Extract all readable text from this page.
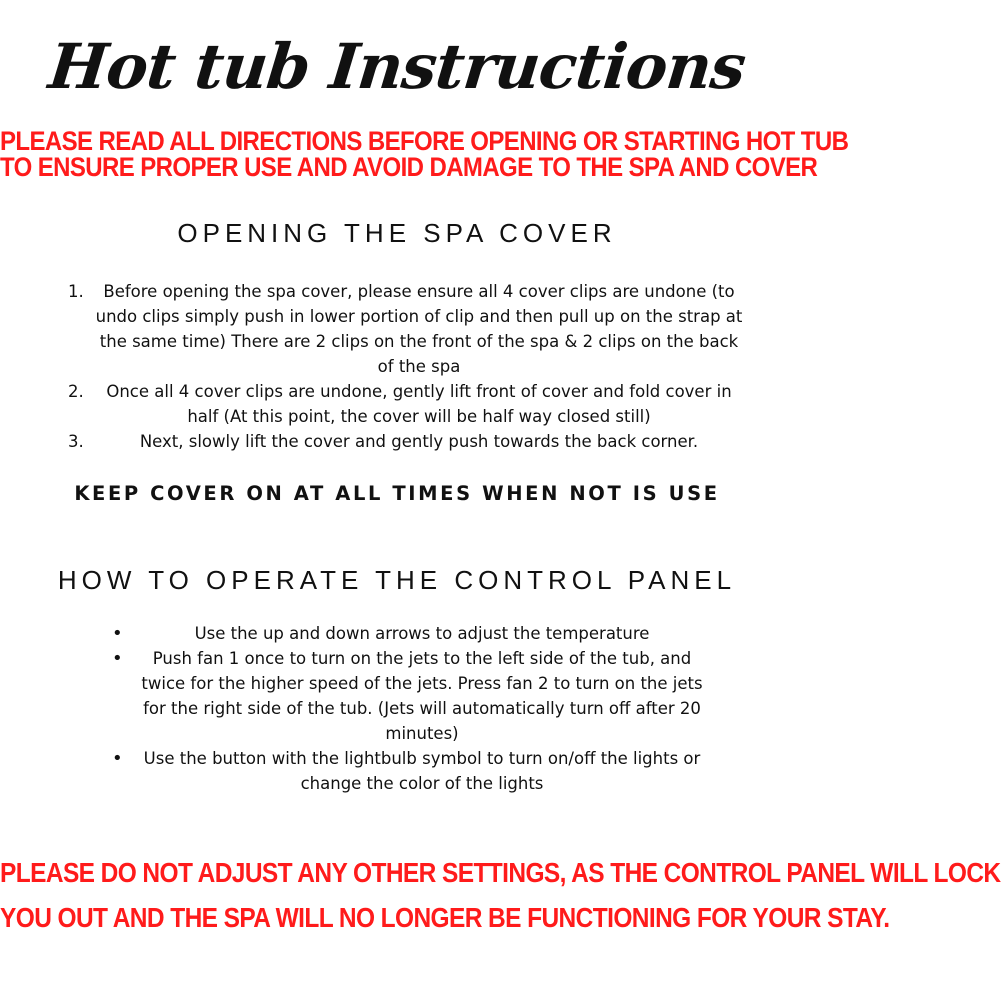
Hot tub Instructions
PLEASE READ ALL DIRECTIONS BEFORE OPENING OR STARTING HOT TUB
TO ENSURE PROPER USE AND AVOID DAMAGE TO THE SPA AND COVER
OPENING THE SPA COVER
1.	Before opening the spa cover, please ensure all 4 cover clips are undone (to undo clips simply push in lower portion of clip and then pull up on the strap at the same time) There are 2 clips on the front of the spa & 2 clips on the back of the spa
2.	Once all 4 cover clips are undone, gently lift front of cover and fold cover in half (At this point, the cover will be half way closed still)
3.	Next, slowly lift the cover and gently push towards the back corner.
KEEP COVER ON AT ALL TIMES WHEN NOT IS USE
HOW TO OPERATE THE CONTROL PANEL
•	Use the up and down arrows to adjust the temperature
•	Push fan 1 once to turn on the jets to the left side of the tub, and twice for the higher speed of the jets. Press fan 2 to turn on the jets for the right side of the tub. (Jets will automatically turn off after 20 minutes)
•	Use the button with the lightbulb symbol to turn on/off the lights or change the color of the lights
PLEASE DO NOT ADJUST ANY OTHER SETTINGS, AS THE CONTROL PANEL WILL LOCK
YOU OUT AND THE SPA WILL NO LONGER BE FUNCTIONING FOR YOUR STAY.
